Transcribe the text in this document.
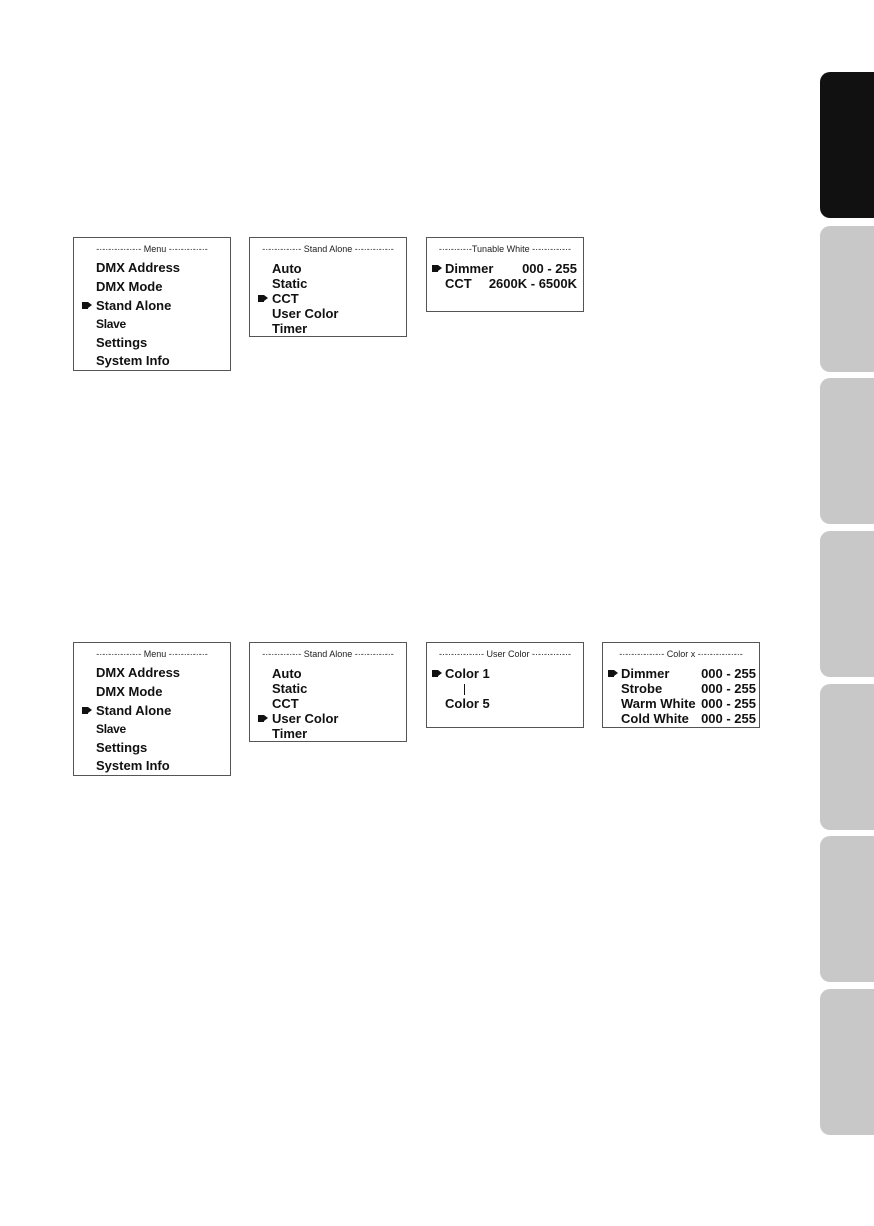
-·-·-·-·-·-·-·- Menu -·-·-·-·-·-·-
DMX Address
DMX Mode
Stand Alone
Slave
Settings
System Info
-·-·-·-·-·-·- Stand Alone -·-·-·-·-·-·-
Auto
Static
CCT
User Color
Timer
-·-·-·-·-·-Tunable White -·-·-·-·-·-·-
Dimmer 000 - 255
CCT 2600K - 6500K
-·-·-·-·-·-·-·- Menu -·-·-·-·-·-·-
DMX Address
DMX Mode
Stand Alone
Slave
Settings
System Info
-·-·-·-·-·-·- Stand Alone -·-·-·-·-·-·-
Auto
Static
CCT
User Color
Timer
-·-·-·-·-·-·-·- User Color -·-·-·-·-·-·-
Color 1
Color 5
-·-·-·-·-·-·-·- Color x -·-·-·-·-·-·-·-
Dimmer 000 - 255
Strobe	000 - 255
Warm White 000 - 255
Cold White 000 - 255
